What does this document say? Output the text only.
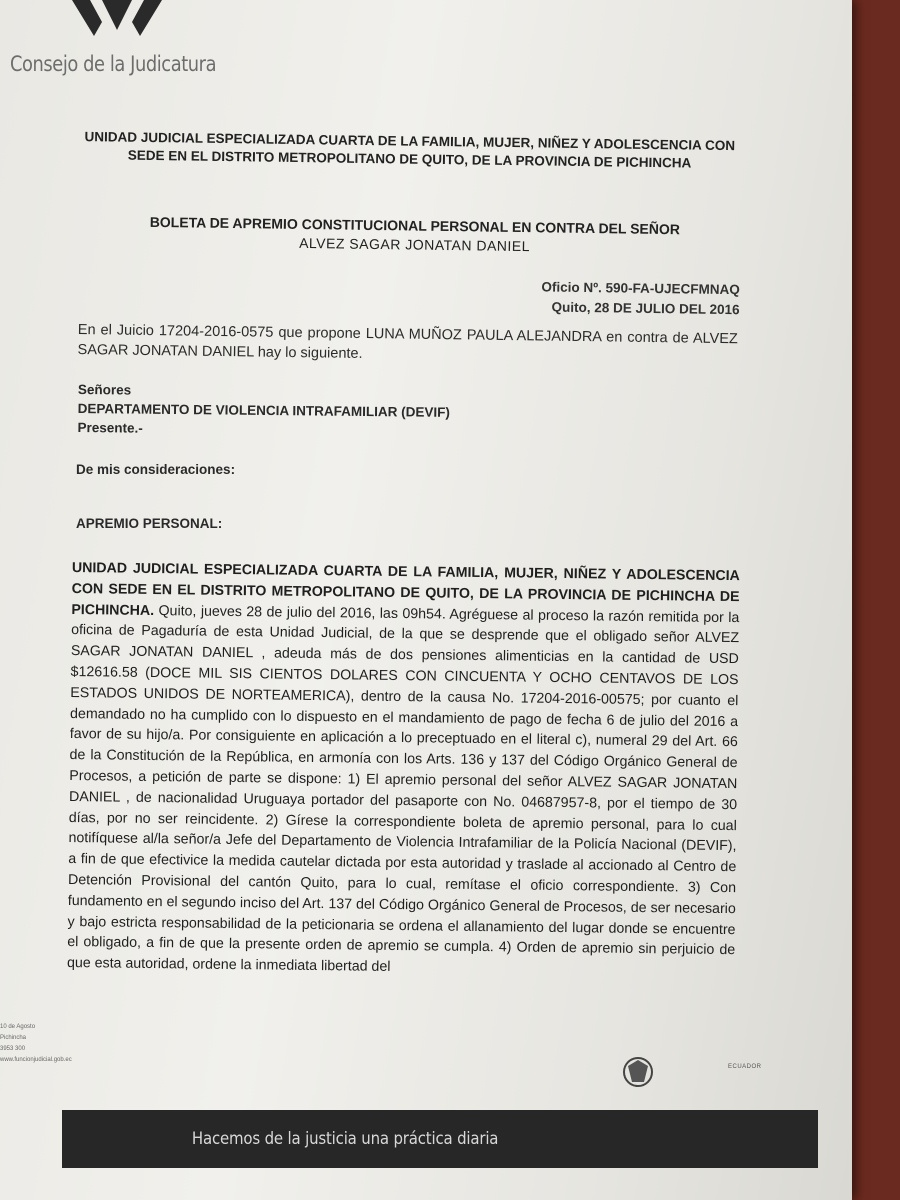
Consejo de la Judicatura
UNIDAD JUDICIAL ESPECIALIZADA CUARTA DE LA FAMILIA, MUJER, NIÑEZ Y ADOLESCENCIA CON SEDE EN EL DISTRITO METROPOLITANO DE QUITO, DE LA PROVINCIA DE PICHINCHA
BOLETA DE APREMIO CONSTITUCIONAL PERSONAL EN CONTRA DEL SEÑOR
ALVEZ SAGAR JONATAN DANIEL
Oficio Nº. 590-FA-UJECFMNAQ
Quito, 28 DE JULIO DEL 2016
En el Juicio 17204-2016-0575 que propone LUNA MUÑOZ PAULA ALEJANDRA en contra de ALVEZ SAGAR JONATAN DANIEL hay lo siguiente.
Señores
DEPARTAMENTO DE VIOLENCIA INTRAFAMILIAR (DEVIF)
Presente.-
De mis consideraciones:
APREMIO PERSONAL:
UNIDAD JUDICIAL ESPECIALIZADA CUARTA DE LA FAMILIA, MUJER, NIÑEZ Y ADOLESCENCIA CON SEDE EN EL DISTRITO METROPOLITANO DE QUITO, DE LA PROVINCIA DE PICHINCHA DE PICHINCHA. Quito, jueves 28 de julio del 2016, las 09h54. Agréguese al proceso la razón remitida por la oficina de Pagaduría de esta Unidad Judicial, de la que se desprende que el obligado señor ALVEZ SAGAR JONATAN DANIEL , adeuda más de dos pensiones alimenticias en la cantidad de USD $12616.58 (DOCE MIL SIS CIENTOS DOLARES CON CINCUENTA Y OCHO CENTAVOS DE LOS ESTADOS UNIDOS DE NORTEAMERICA), dentro de la causa No. 17204-2016-00575; por cuanto el demandado no ha cumplido con lo dispuesto en el mandamiento de pago de fecha 6 de julio del 2016 a favor de su hijo/a. Por consiguiente en aplicación a lo preceptuado en el literal c), numeral 29 del Art. 66 de la Constitución de la República, en armonía con los Arts. 136 y 137 del Código Orgánico General de Procesos, a petición de parte se dispone: 1) El apremio personal del señor ALVEZ SAGAR JONATAN DANIEL , de nacionalidad Uruguaya portador del pasaporte con No. 04687957-8, por el tiempo de 30 días, por no ser reincidente. 2) Gírese la correspondiente boleta de apremio personal, para lo cual notifíquese al/la señor/a Jefe del Departamento de Violencia Intrafamiliar de la Policía Nacional (DEVIF), a fin de que efectivice la medida cautelar dictada por esta autoridad y traslade al accionado al Centro de Detención Provisional del cantón Quito, para lo cual, remítase el oficio correspondiente. 3) Con fundamento en el segundo inciso del Art. 137 del Código Orgánico General de Procesos, de ser necesario y bajo estricta responsabilidad de la peticionaria se ordena el allanamiento del lugar donde se encuentre el obligado, a fin de que la presente orden de apremio se cumpla. 4) Orden de apremio sin perjuicio de que esta autoridad, ordene la inmediata libertad del
10 de Agosto
Pichincha
3953 300
www.funcionjudicial.gob.ec
ECUADOR
Hacemos de la justicia una práctica diaria
